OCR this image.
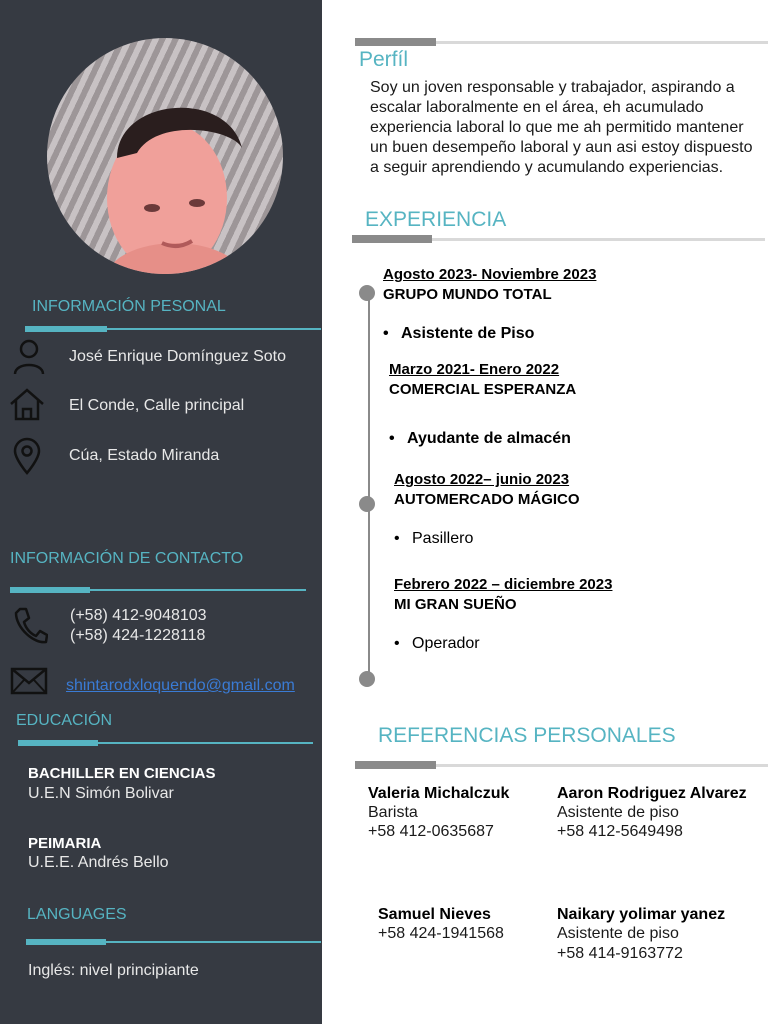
INFORMACIÓN PESONAL
José Enrique Domínguez Soto
El Conde, Calle principal
Cúa, Estado Miranda
INFORMACIÓN DE CONTACTO
(+58) 412-9048103
(+58) 424-1228118
shintarodxloquendo@gmail.com
EDUCACIÓN
BACHILLER EN CIENCIAS
U.E.N Simón Bolivar
PEIMARIA
U.E.E. Andrés Bello
LANGUAGES
Inglés: nivel principiante
Perfíl
Soy un joven responsable y trabajador, aspirando a escalar laboralmente en el área, eh acumulado experiencia laboral lo que me ah permitido mantener un buen desempeño laboral y aun asi estoy dispuesto a seguir aprendiendo y acumulando experiencias.
EXPERIENCIA
Agosto 2023- Noviembre 2023
GRUPO MUNDO TOTAL
• Asistente de Piso
Marzo 2021- Enero 2022
COMERCIAL ESPERANZA
• Ayudante de almacén
Agosto 2022– junio 2023
AUTOMERCADO MÁGICO
• Pasillero
Febrero 2022 – diciembre 2023
MI GRAN SUEÑO
• Operador
REFERENCIAS PERSONALES
Valeria Michalczuk
Barista
+58 412-0635687
Aaron Rodriguez Alvarez
Asistente de piso
+58 412-5649498
Samuel Nieves
+58 424-1941568
Naikary yolimar yanez
Asistente de piso
+58 414-9163772
